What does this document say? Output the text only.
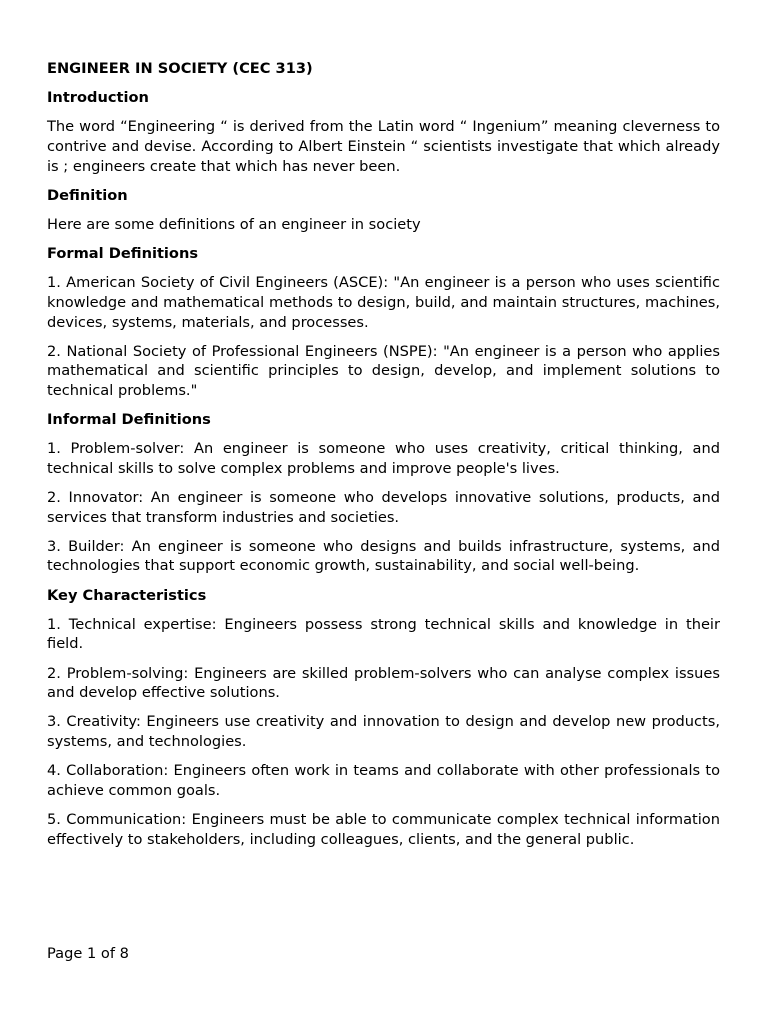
ENGINEER IN SOCIETY (CEC 313)
Introduction
The word “Engineering “ is derived from the Latin word “ Ingenium” meaning cleverness to contrive and devise. According to Albert Einstein “ scientists investigate that which already is ; engineers create that which has never been.
Definition
Here are some definitions of an engineer in society
Formal Definitions
1. American Society of Civil Engineers (ASCE): "An engineer is a person who uses scientific knowledge and mathematical methods to design, build, and maintain structures, machines, devices, systems, materials, and processes.
2. National Society of Professional Engineers (NSPE): "An engineer is a person who applies mathematical and scientific principles to design, develop, and implement solutions to technical problems."
Informal Definitions
1. Problem-solver: An engineer is someone who uses creativity, critical thinking, and technical skills to solve complex problems and improve people's lives.
2. Innovator: An engineer is someone who develops innovative solutions, products, and services that transform industries and societies.
3. Builder: An engineer is someone who designs and builds infrastructure, systems, and technologies that support economic growth, sustainability, and social well-being.
Key Characteristics
1. Technical expertise: Engineers possess strong technical skills and knowledge in their field.
2. Problem-solving: Engineers are skilled problem-solvers who can analyse complex issues and develop effective solutions.
3. Creativity: Engineers use creativity and innovation to design and develop new products, systems, and technologies.
4. Collaboration: Engineers often work in teams and collaborate with other professionals to achieve common goals.
5. Communication: Engineers must be able to communicate complex technical information effectively to stakeholders, including colleagues, clients, and the general public.
Page 1 of 8
